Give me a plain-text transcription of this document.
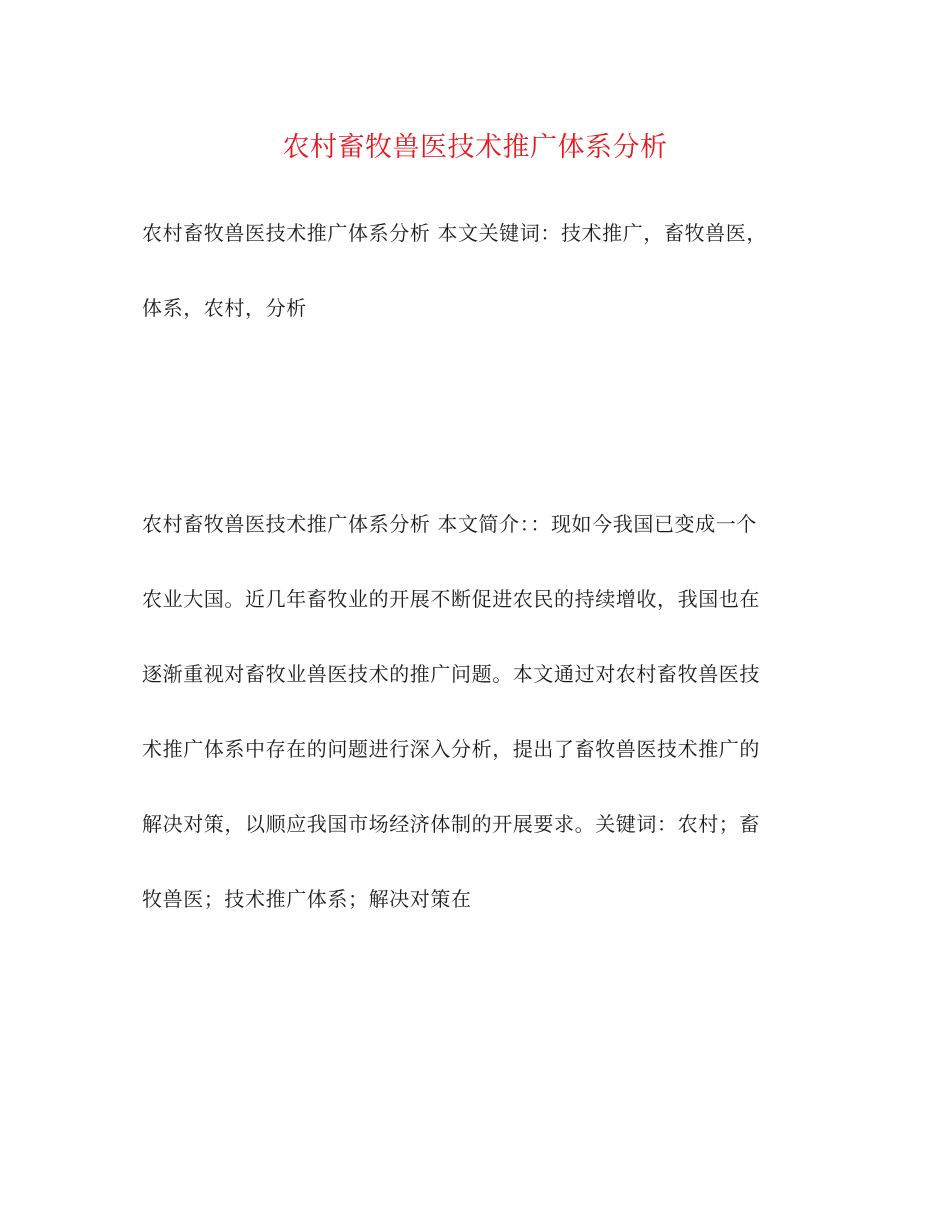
农村畜牧兽医技术推广体系分析
农村畜牧兽医技术推广体系分析 本文关键词：技术推广，畜牧兽医，
体系，农村，分析
农村畜牧兽医技术推广体系分析 本文简介：：现如今我国已变成一个
农业大国。近几年畜牧业的开展不断促进农民的持续增收，我国也在
逐渐重视对畜牧业兽医技术的推广问题。本文通过对农村畜牧兽医技
术推广体系中存在的问题进行深入分析，提出了畜牧兽医技术推广的
解决对策，以顺应我国市场经济体制的开展要求。关键词：农村；畜
牧兽医；技术推广体系；解决对策在
